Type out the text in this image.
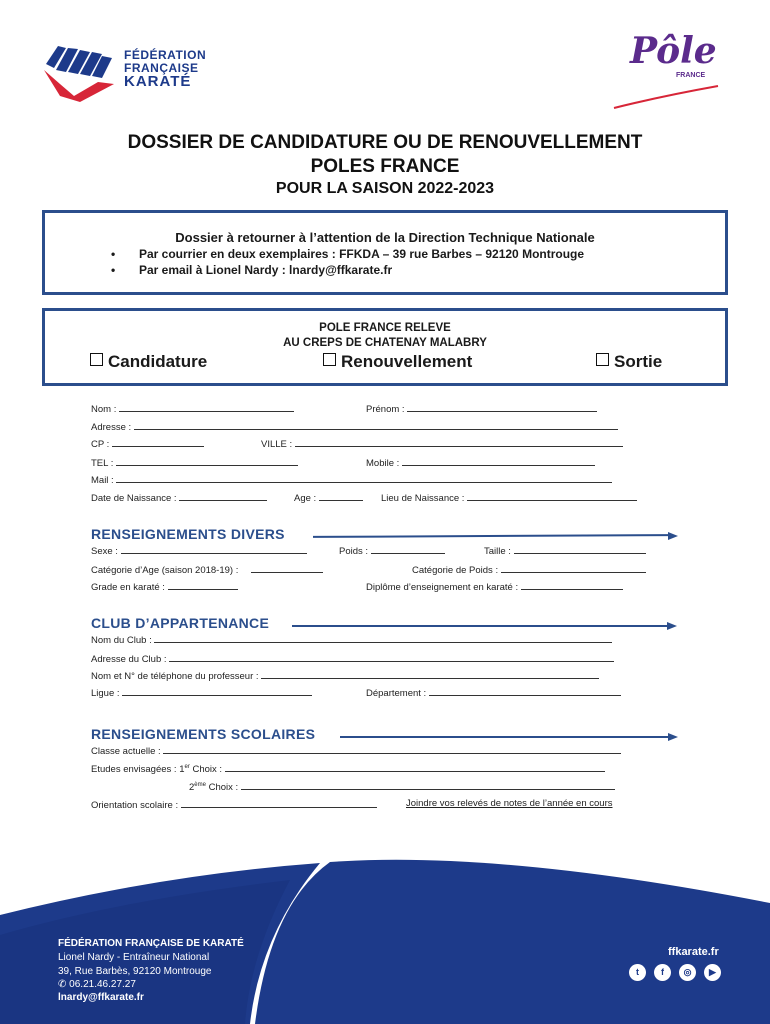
FÉDÉRATION
FRANÇAISE
KARATÉ
Pôle
FRANCE
DOSSIER DE CANDIDATURE OU DE RENOUVELLEMENT
POLES FRANCE
POUR LA SAISON 2022-2023
Dossier à retourner à l’attention de la Direction Technique Nationale
• Par courrier en deux exemplaires : FFKDA – 39 rue Barbes – 92120 Montrouge
• Par email à Lionel Nardy : lnardy@ffkarate.fr
POLE FRANCE RELEVE
AU CREPS DE CHATENAY MALABRY
Candidature	Renouvellement	Sortie
Nom :	Prénom :
Adresse :
CP :	VILLE :
TEL :	Mobile :
Mail :
Date de Naissance :	Age :	Lieu de Naissance :
RENSEIGNEMENTS DIVERS
Sexe :	Poids :	Taille :
Catégorie d’Age (saison 2018-19) :	Catégorie de Poids :
Grade en karaté :	Diplôme d’enseignement en karaté :
CLUB D’APPARTENANCE
Nom du Club :
Adresse du Club :
Nom et N° de téléphone du professeur :
Ligue :	Département :
RENSEIGNEMENTS SCOLAIRES
Classe actuelle :
Etudes envisagées : 1er Choix :
2ème Choix :
Orientation scolaire :	Joindre vos relevés de notes de l’année en cours
FÉDÉRATION FRANÇAISE DE KARATÉ
Lionel Nardy - Entraîneur National
39, Rue Barbès, 92120 Montrouge
✆ 06.21.46.27.27
lnardy@ffkarate.fr
ffkarate.fr
t	f	◎	▶
